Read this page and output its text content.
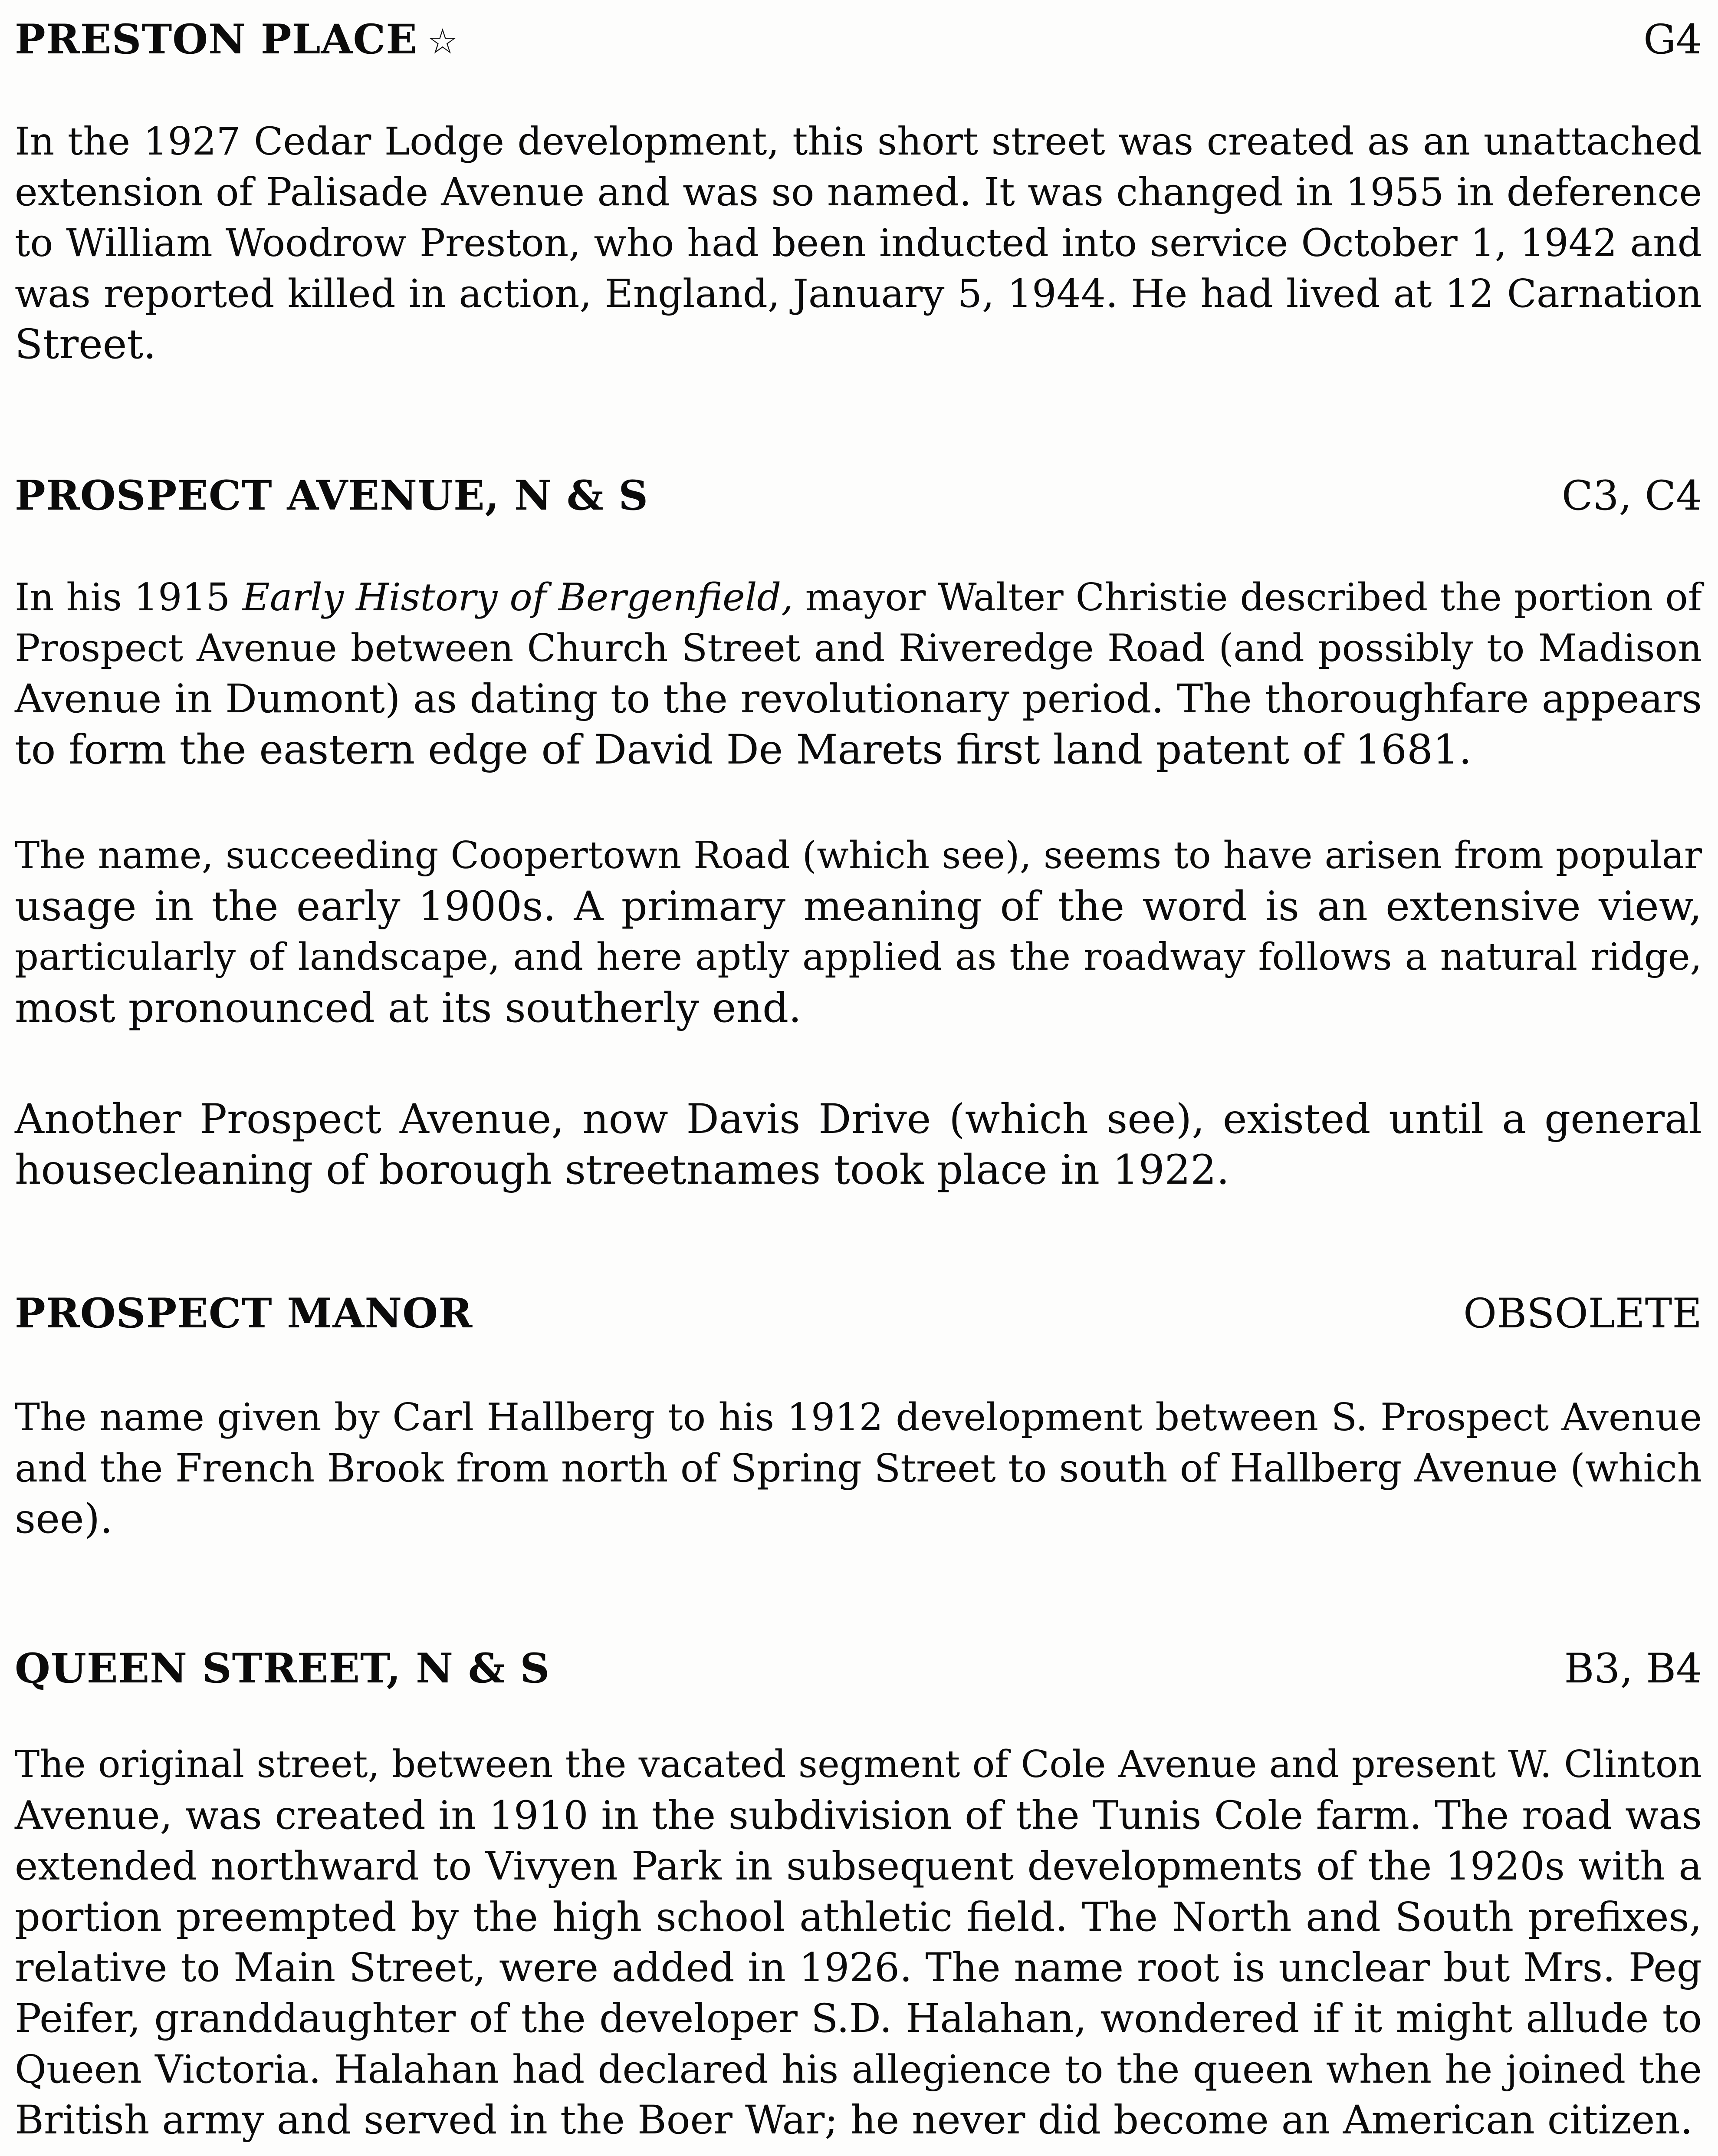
PRESTON PLACE ☆	G4
In the 1927 Cedar Lodge development, this short street was created as an unattached
extension of Palisade Avenue and was so named. It was changed in 1955 in deference
to William Woodrow Preston, who had been inducted into service October 1, 1942 and
was reported killed in action, England, January 5, 1944. He had lived at 12 Carnation
Street.
PROSPECT AVENUE, N & S	C3, C4
In his 1915 Early History of Bergenfield, mayor Walter Christie described the portion of
Prospect Avenue between Church Street and Riveredge Road (and possibly to Madison
Avenue in Dumont) as dating to the revolutionary period. The thoroughfare appears
to form the eastern edge of David De Marets first land patent of 1681.
The name, succeeding Coopertown Road (which see), seems to have arisen from popular
usage in the early 1900s. A primary meaning of the word is an extensive view,
particularly of landscape, and here aptly applied as the roadway follows a natural ridge,
most pronounced at its southerly end.
Another Prospect Avenue, now Davis Drive (which see), existed until a general
housecleaning of borough streetnames took place in 1922.
PROSPECT MANOR	OBSOLETE
The name given by Carl Hallberg to his 1912 development between S. Prospect Avenue
and the French Brook from north of Spring Street to south of Hallberg Avenue (which
see).
QUEEN STREET, N & S	B3, B4
The original street, between the vacated segment of Cole Avenue and present W. Clinton
Avenue, was created in 1910 in the subdivision of the Tunis Cole farm. The road was
extended northward to Vivyen Park in subsequent developments of the 1920s with a
portion preempted by the high school athletic field. The North and South prefixes,
relative to Main Street, were added in 1926. The name root is unclear but Mrs. Peg
Peifer, granddaughter of the developer S.D. Halahan, wondered if it might allude to
Queen Victoria. Halahan had declared his allegience to the queen when he joined the
British army and served in the Boer War; he never did become an American citizen.
